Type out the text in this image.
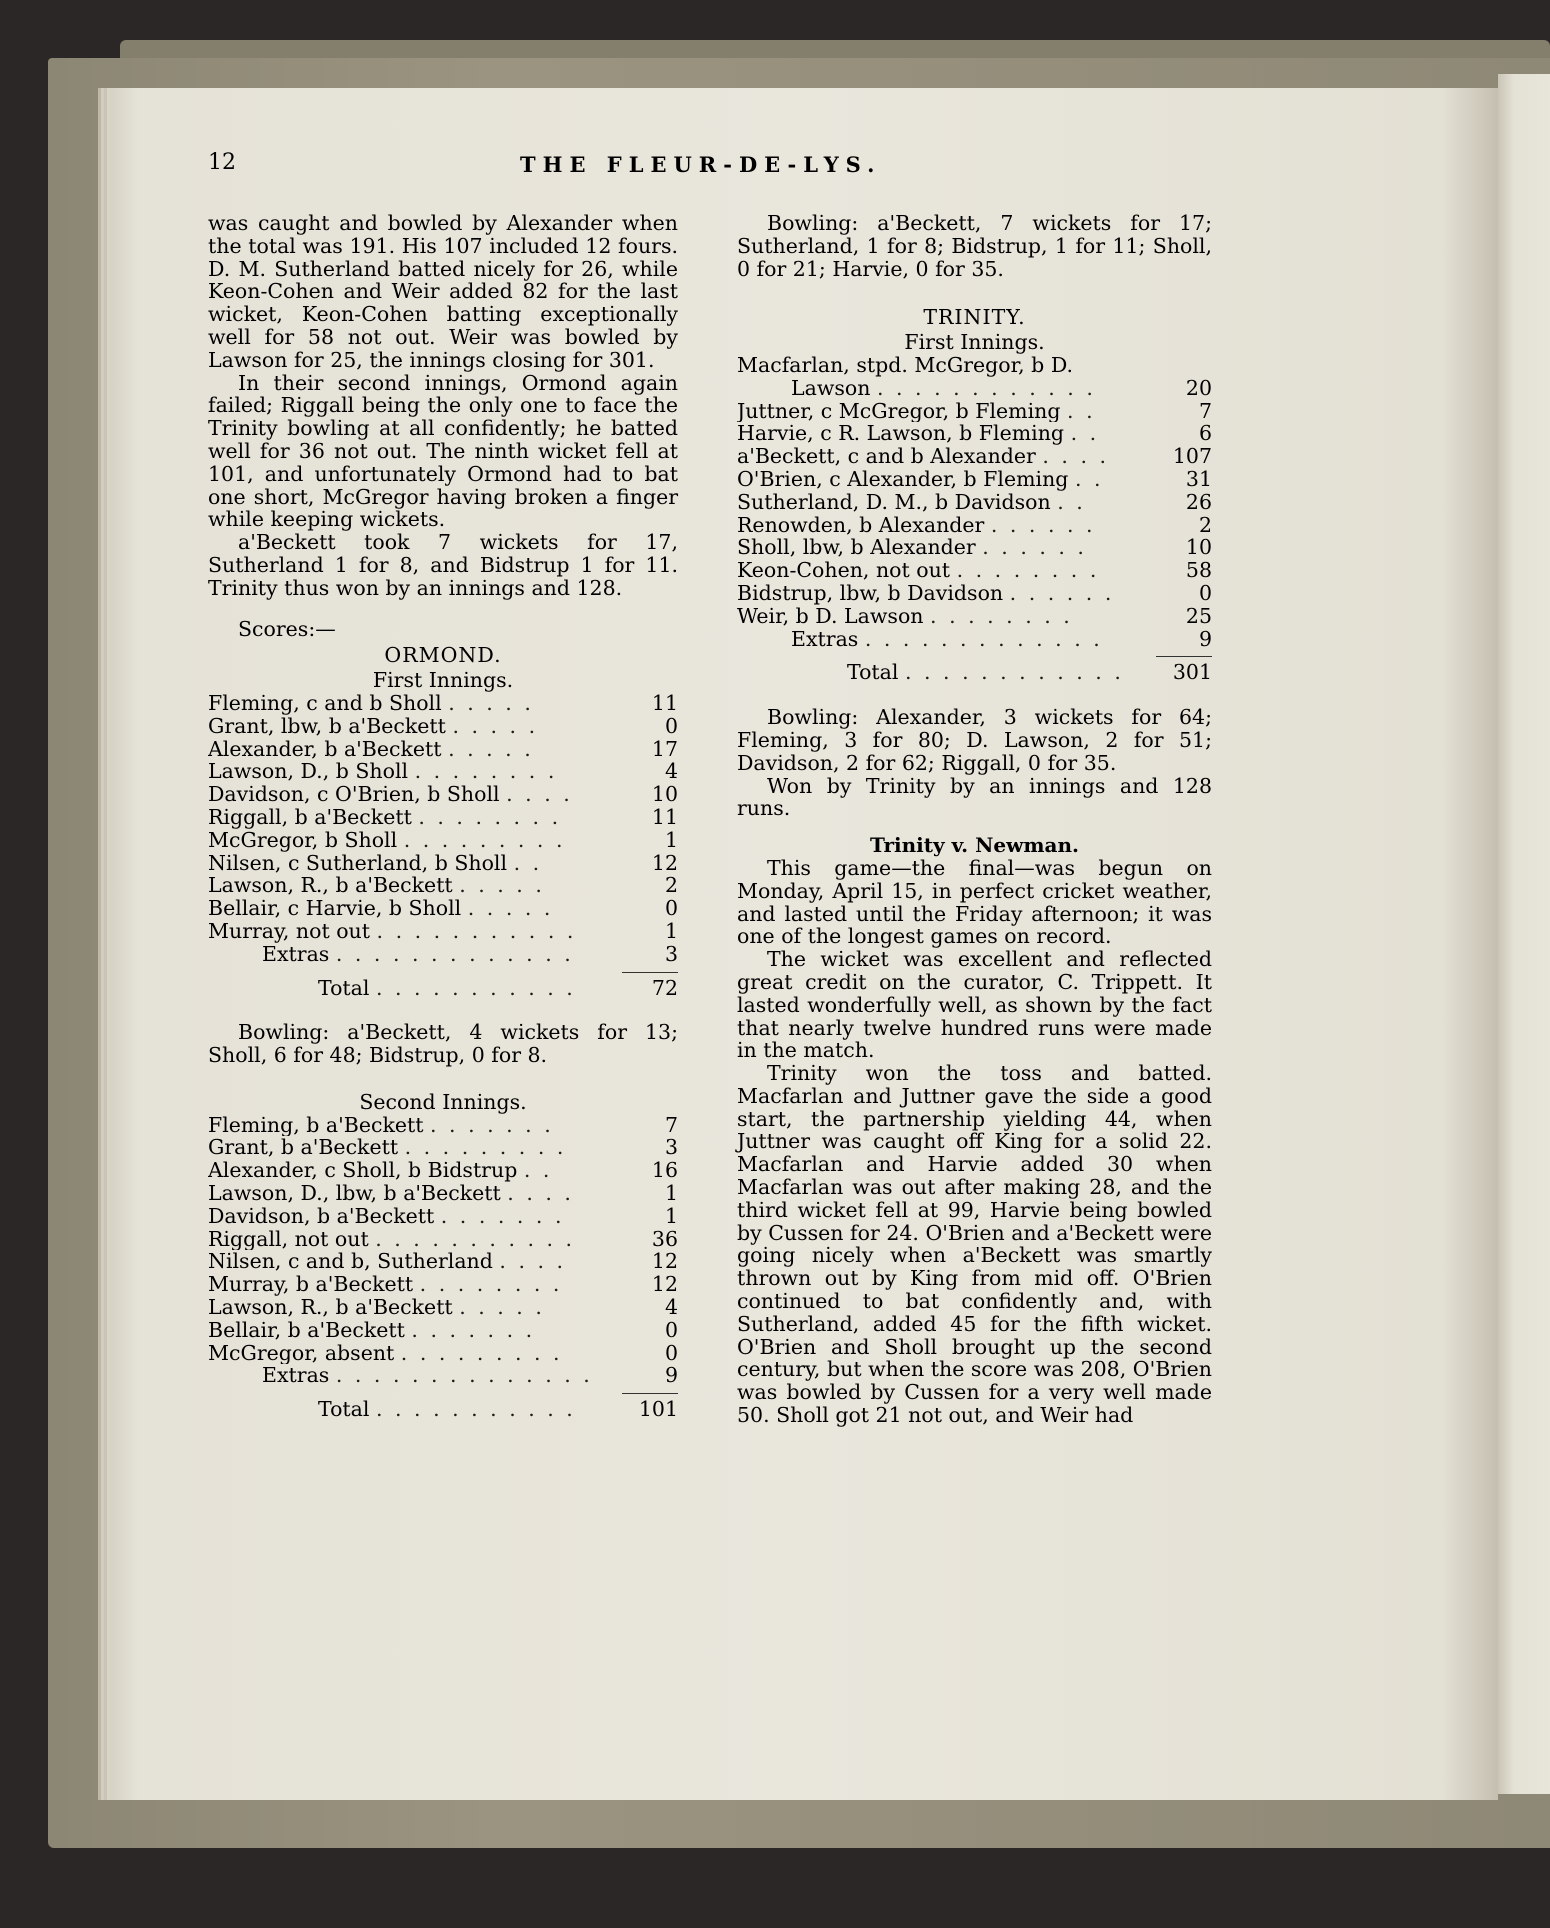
12	THE FLEUR-DE-LYS.

was caught and bowled by Alexander when the total was 191. His 107 included 12 fours. D. M. Sutherland batted nicely for 26, while Keon-Cohen and Weir added 82 for the last wicket, Keon-Cohen batting exceptionally well for 58 not out. Weir was bowled by Lawson for 25, the innings closing for 301.

In their second innings, Ormond again failed; Riggall being the only one to face the Trinity bowling at all confidently; he batted well for 36 not out. The ninth wicket fell at 101, and unfortunately Ormond had to bat one short, McGregor having broken a finger while keeping wickets.

a'Beckett took 7 wickets for 17, Sutherland 1 for 8, and Bidstrup 1 for 11. Trinity thus won by an innings and 128.

Scores:—
ORMOND.
First Innings.
Fleming, c and b Sholl . . . . .	11
Grant, lbw, b a'Beckett . . . . .	0
Alexander, b a'Beckett . . . . .	17
Lawson, D., b Sholl . . . . . . . .	4
Davidson, c O'Brien, b Sholl . . . .	10
Riggall, b a'Beckett . . . . . . . .	11
McGregor, b Sholl . . . . . . . . .	1
Nilsen, c Sutherland, b Sholl . .	12
Lawson, R., b a'Beckett . . . . .	2
Bellair, c Harvie, b Sholl . . . . .	0
Murray, not out . . . . . . . . . . .	1
Extras . . . . . . . . . . . . .	3
Total . . . . . . . . . . .	72

Bowling: a'Beckett, 4 wickets for 13; Sholl, 6 for 48; Bidstrup, 0 for 8.

Second Innings.
Fleming, b a'Beckett . . . . . . .	7
Grant, b a'Beckett . . . . . . . . .	3
Alexander, c Sholl, b Bidstrup . .	16
Lawson, D., lbw, b a'Beckett . . . .	1
Davidson, b a'Beckett . . . . . . .	1
Riggall, not out . . . . . . . . . . .	36
Nilsen, c and b, Sutherland . . . .	12
Murray, b a'Beckett . . . . . . . .	12
Lawson, R., b a'Beckett . . . . .	4
Bellair, b a'Beckett . . . . . . .	0
McGregor, absent . . . . . . . . .	0
Extras . . . . . . . . . . . . . .	9
Total . . . . . . . . . . .	101

Bowling: a'Beckett, 7 wickets for 17; Sutherland, 1 for 8; Bidstrup, 1 for 11; Sholl, 0 for 21; Harvie, 0 for 35.

TRINITY.
First Innings.
Macfarlan, stpd. McGregor, b D.
Lawson . . . . . . . . . . . .	20
Juttner, c McGregor, b Fleming . .	7
Harvie, c R. Lawson, b Fleming . .	6
a'Beckett, c and b Alexander . . . .	107
O'Brien, c Alexander, b Fleming . .	31
Sutherland, D. M., b Davidson . .	26
Renowden, b Alexander . . . . . .	2
Sholl, lbw, b Alexander . . . . . .	10
Keon-Cohen, not out . . . . . . . .	58
Bidstrup, lbw, b Davidson . . . . . .	0
Weir, b D. Lawson . . . . . . . .	25
Extras . . . . . . . . . . . . .	9
Total . . . . . . . . . . . .	301

Bowling: Alexander, 3 wickets for 64; Fleming, 3 for 80; D. Lawson, 2 for 51; Davidson, 2 for 62; Riggall, 0 for 35.

Won by Trinity by an innings and 128 runs.

Trinity v. Newman.

This game—the final—was begun on Monday, April 15, in perfect cricket weather, and lasted until the Friday afternoon; it was one of the longest games on record.

The wicket was excellent and reflected great credit on the curator, C. Trippett. It lasted wonderfully well, as shown by the fact that nearly twelve hundred runs were made in the match.

Trinity won the toss and batted. Macfarlan and Juttner gave the side a good start, the partnership yielding 44, when Juttner was caught off King for a solid 22. Macfarlan and Harvie added 30 when Macfarlan was out after making 28, and the third wicket fell at 99, Harvie being bowled by Cussen for 24. O'Brien and a'Beckett were going nicely when a'Beckett was smartly thrown out by King from mid off. O'Brien continued to bat confidently and, with Sutherland, added 45 for the fifth wicket. O'Brien and Sholl brought up the second century, but when the score was 208, O'Brien was bowled by Cussen for a very well made 50. Sholl got 21 not out, and Weir had
